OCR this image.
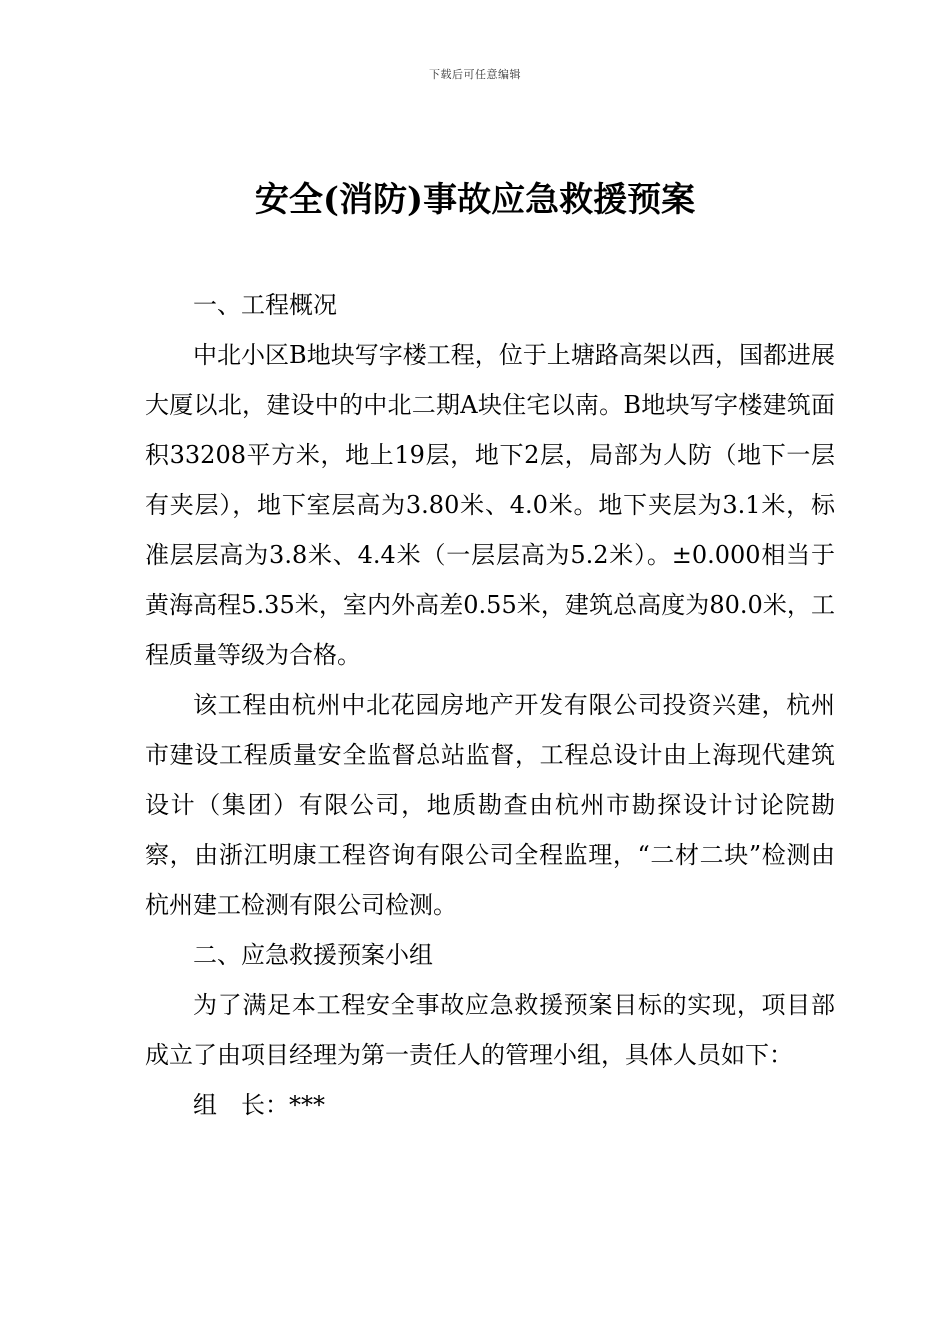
下载后可任意编辑
安全(消防)事故应急救援预案

一、工程概况

中北小区B地块写字楼工程，位于上塘路高架以西，国都进展大厦以北，建设中的中北二期A块住宅以南。B地块写字楼建筑面积33208平方米，地上19层，地下2层，局部为人防（地下一层有夹层），地下室层高为3.80米、4.0米。地下夹层为3.1米，标准层层高为3.8米、4.4米（一层层高为5.2米）。±0.000相当于黄海高程5.35米，室内外高差0.55米，建筑总高度为80.0米，工程质量等级为合格。

该工程由杭州中北花园房地产开发有限公司投资兴建，杭州市建设工程质量安全监督总站监督，工程总设计由上海现代建筑设计（集团）有限公司，地质勘查由杭州市勘探设计讨论院勘察，由浙江明康工程咨询有限公司全程监理，“二材二块”检测由杭州建工检测有限公司检测。

二、应急救援预案小组

为了满足本工程安全事故应急救援预案目标的实现，项目部成立了由项目经理为第一责任人的管理小组，具体人员如下：

组　长：***
